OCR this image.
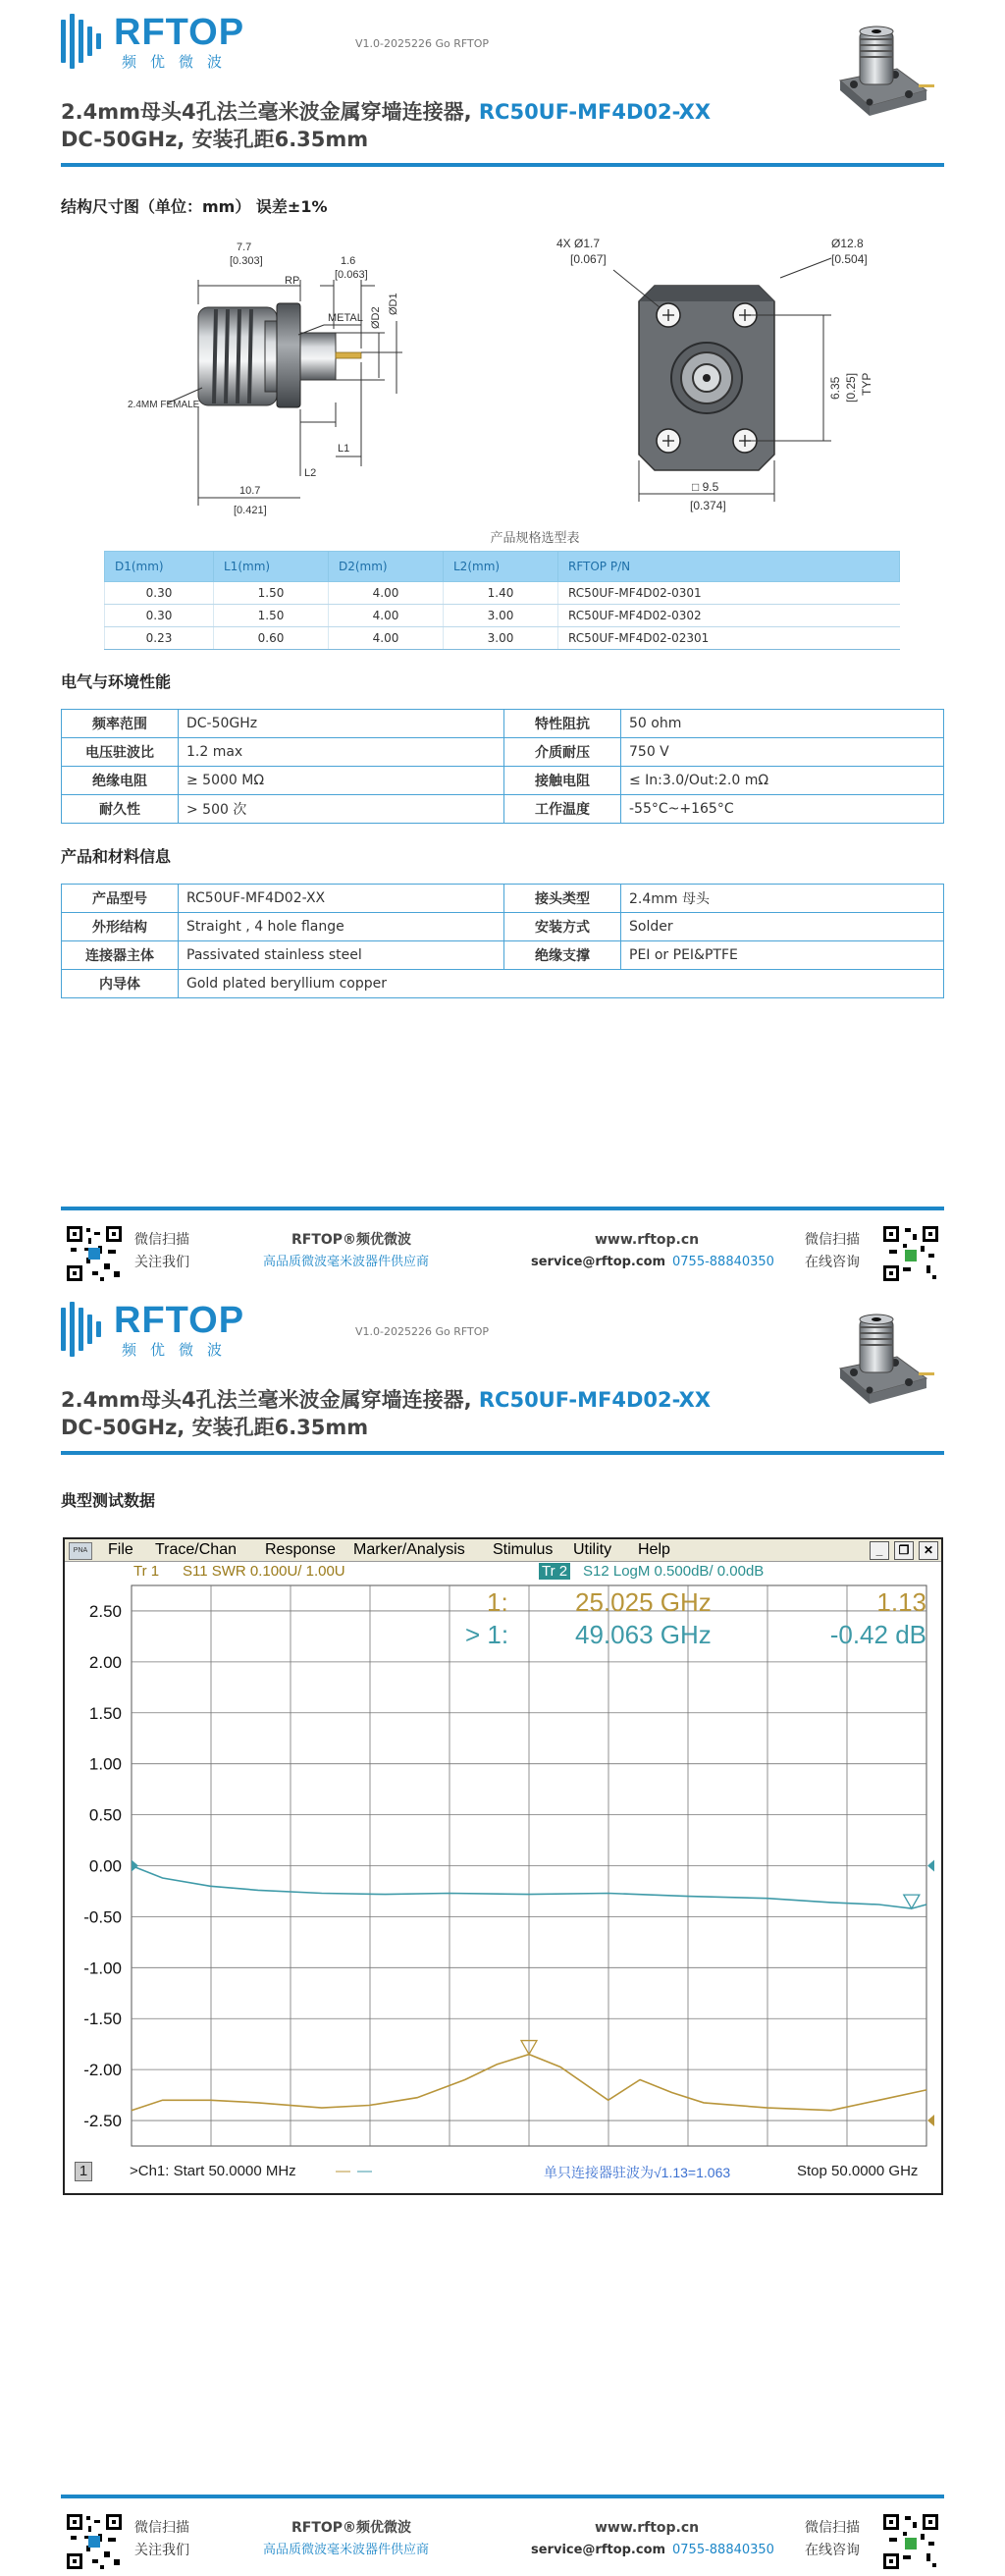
RFTOP
频优微波
V1.0-2025226 Go RFTOP
2.4mm母头4孔法兰毫米波金属穿墙连接器, RC50UF-MF4D02-XX
DC-50GHz, 安装孔距6.35mm
结构尺寸图（单位：mm） 误差±1%
7.7
[0.303]
RP
1.6
[0.063]
ØD2
ØD1
METAL
2.4MM FEMALE
L1
L2
10.7
[0.421]
4X Ø1.7
[0.067]
Ø12.8
[0.504]
6.35 [0.25] TYP
□ 9.5
[0.374]
产品规格选型表
D1(mm)	L1(mm)	D2(mm)	L2(mm)	RFTOP P/N
0.30	1.50	4.00	1.40	RC50UF-MF4D02-0301
0.30	1.50	4.00	3.00	RC50UF-MF4D02-0302
0.23	0.60	4.00	3.00	RC50UF-MF4D02-02301
电气与环境性能
频率范围	DC-50GHz	特性阻抗	50 ohm
电压驻波比	1.2 max	介质耐压	750 V
绝缘电阻	≥ 5000 MΩ	接触电阻	≤ In:3.0/Out:2.0 mΩ
耐久性	> 500 次	工作温度	-55°C~+165°C
产品和材料信息
产品型号	RC50UF-MF4D02-XX	接头类型	2.4mm 母头
外形结构	Straight , 4 hole flange	安装方式	Solder
连接器主体	Passivated stainless steel	绝缘支撑	PEI or PEI&PTFE
内导体	Gold plated beryllium copper		
微信扫描
关注我们
RFTOP®频优微波
高品质微波毫米波器件供应商
www.rftop.cn
service@rftop.com 0755-88840350
微信扫描
在线咨询
RFTOP
频优微波
V1.0-2025226 Go RFTOP
2.4mm母头4孔法兰毫米波金属穿墙连接器, RC50UF-MF4D02-XX
DC-50GHz, 安装孔距6.35mm
典型测试数据
PNA File Trace/Chan Response Marker/Analysis Stimulus Utility Help	_	❐	✕
Tr 1 S11 SWR 0.100U/ 1.00U	Tr 2 S12 LogM 0.500dB/ 0.00dB
2.50
2.00
1.50
1.00
0.50
0.00
-0.50
-1.00
-1.50
-2.00
-2.50
1:	25.025 GHz	1.13
> 1:	49.063 GHz	-0.42 dB
1	>Ch1: Start 50.0000 MHz	— —	单只连接器驻波为√1.13=1.063	Stop 50.0000 GHz
微信扫描
关注我们
RFTOP®频优微波
高品质微波毫米波器件供应商
www.rftop.cn
service@rftop.com 0755-88840350
微信扫描
在线咨询
